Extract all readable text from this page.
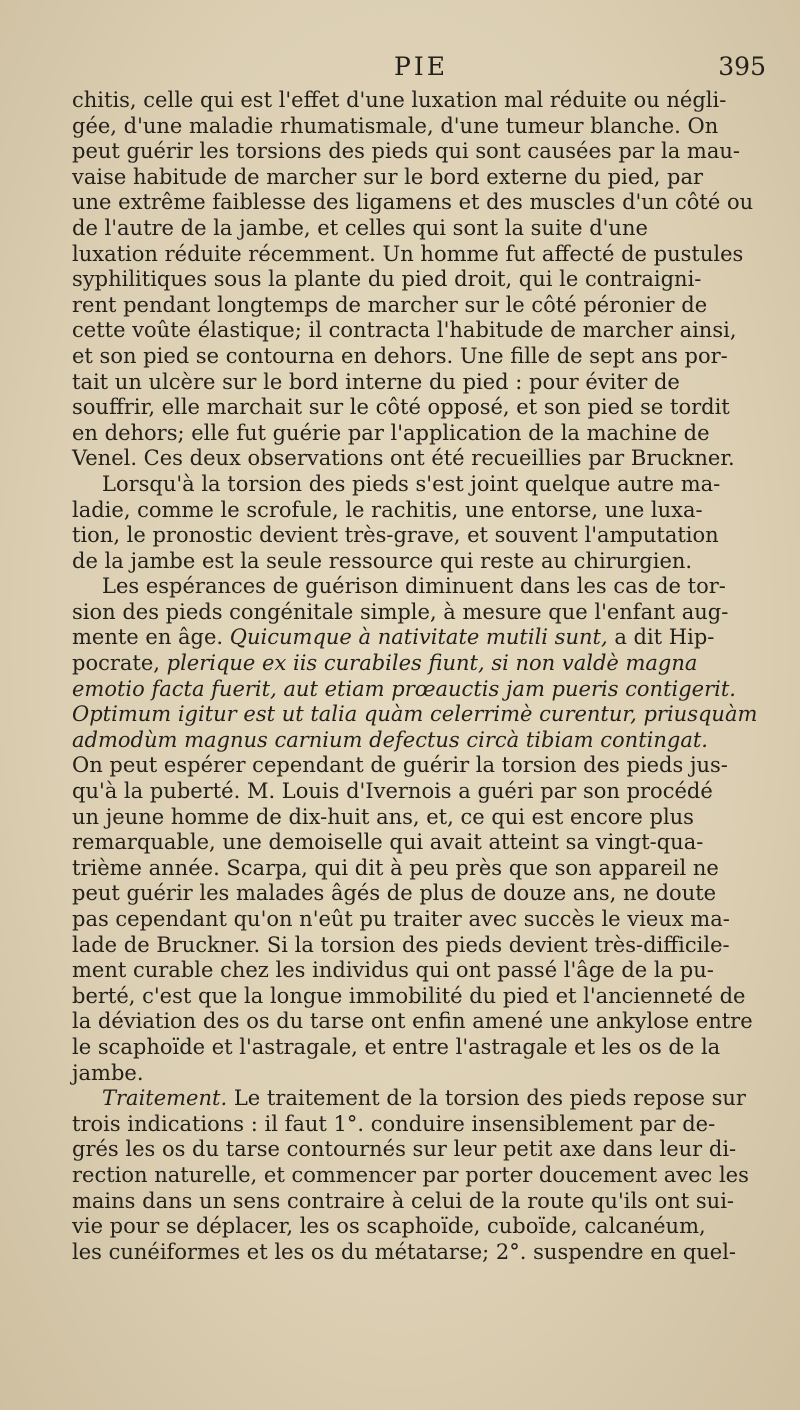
PIE	395
chitis, celle qui est l'effet d'une luxation mal réduite ou négli-
gée, d'une maladie rhumatismale, d'une tumeur blanche. On
peut guérir les torsions des pieds qui sont causées par la mau-
vaise habitude de marcher sur le bord externe du pied, par
une extrême faiblesse des ligamens et des muscles d'un côté ou
de l'autre de la jambe, et celles qui sont la suite d'une
luxation réduite récemment. Un homme fut affecté de pustules
syphilitiques sous la plante du pied droit, qui le contraigni-
rent pendant longtemps de marcher sur le côté péronier de
cette voûte élastique; il contracta l'habitude de marcher ainsi,
et son pied se contourna en dehors. Une fille de sept ans por-
tait un ulcère sur le bord interne du pied : pour éviter de
souffrir, elle marchait sur le côté opposé, et son pied se tordit
en dehors; elle fut guérie par l'application de la machine de
Venel. Ces deux observations ont été recueillies par Bruckner.
Lorsqu'à la torsion des pieds s'est joint quelque autre ma-
ladie, comme le scrofule, le rachitis, une entorse, une luxa-
tion, le pronostic devient très-grave, et souvent l'amputation
de la jambe est la seule ressource qui reste au chirurgien.
Les espérances de guérison diminuent dans les cas de tor-
sion des pieds congénitale simple, à mesure que l'enfant aug-
mente en âge. Quicumque à nativitate mutili sunt, a dit Hip-
pocrate, plerique ex iis curabiles fiunt, si non valdè magna
emotio facta fuerit, aut etiam prœauctis jam pueris contigerit.
Optimum igitur est ut talia quàm celerrimè curentur, priusquàm
admodùm magnus carnium defectus circà tibiam contingat.
On peut espérer cependant de guérir la torsion des pieds jus-
qu'à la puberté. M. Louis d'Ivernois a guéri par son procédé
un jeune homme de dix-huit ans, et, ce qui est encore plus
remarquable, une demoiselle qui avait atteint sa vingt-qua-
trième année. Scarpa, qui dit à peu près que son appareil ne
peut guérir les malades âgés de plus de douze ans, ne doute
pas cependant qu'on n'eût pu traiter avec succès le vieux ma-
lade de Bruckner. Si la torsion des pieds devient très-difficile-
ment curable chez les individus qui ont passé l'âge de la pu-
berté, c'est que la longue immobilité du pied et l'ancienneté de
la déviation des os du tarse ont enfin amené une ankylose entre
le scaphoïde et l'astragale, et entre l'astragale et les os de la
jambe.
Traitement. Le traitement de la torsion des pieds repose sur
trois indications : il faut 1°. conduire insensiblement par de-
grés les os du tarse contournés sur leur petit axe dans leur di-
rection naturelle, et commencer par porter doucement avec les
mains dans un sens contraire à celui de la route qu'ils ont sui-
vie pour se déplacer, les os scaphoïde, cuboïde, calcanéum,
les cunéiformes et les os du métatarse; 2°. suspendre en quel-
